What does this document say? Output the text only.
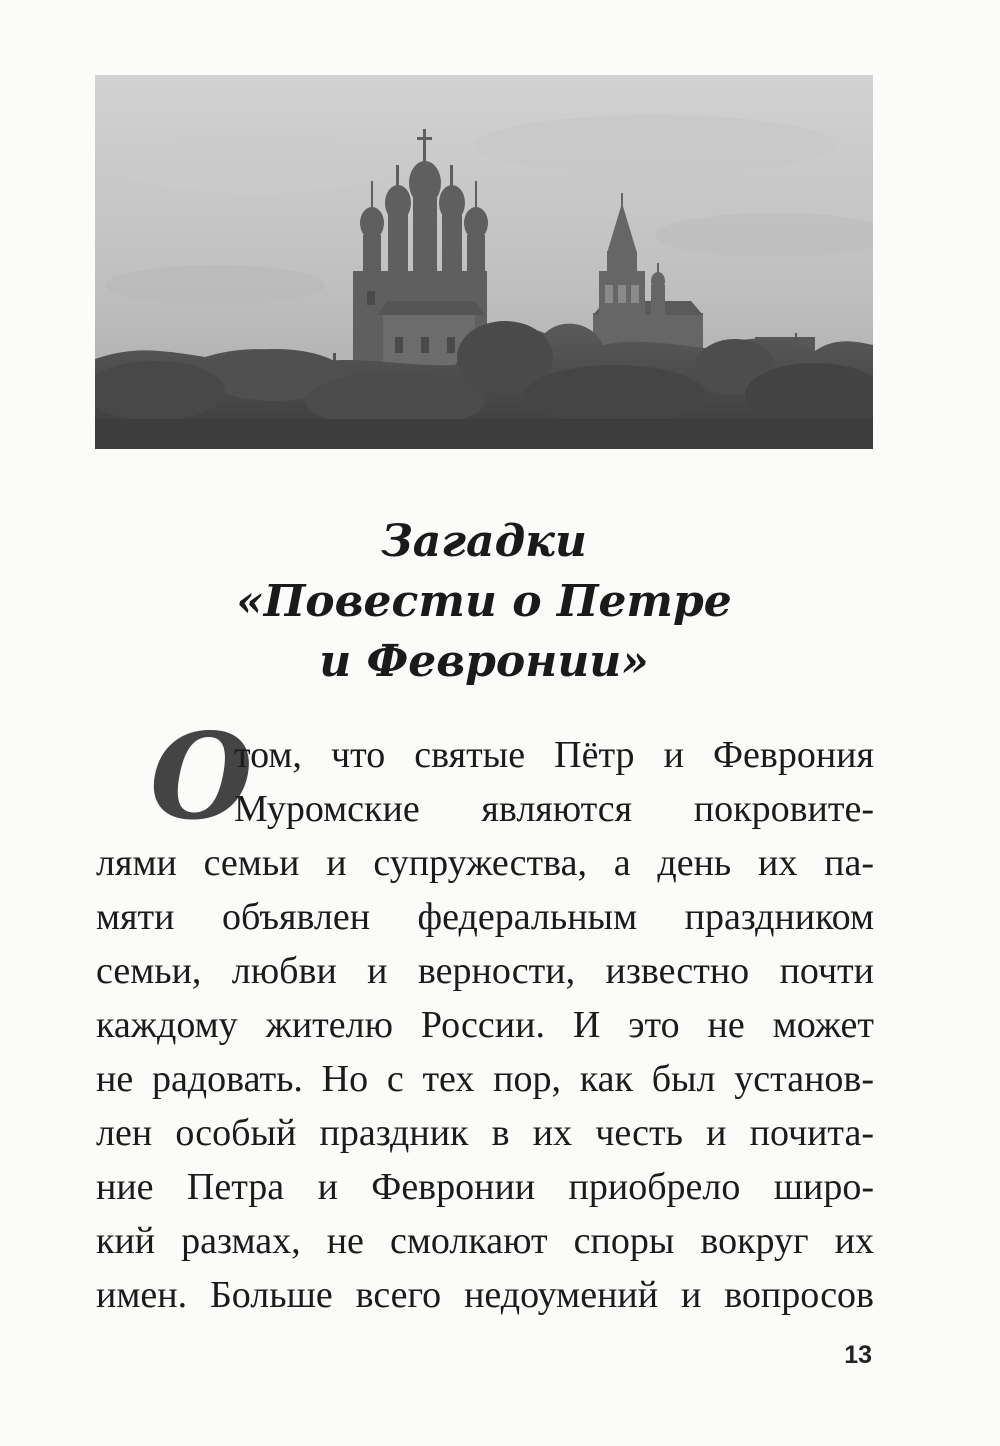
Загадки
«Повести о Петре
и Февронии»
О
том, что святые Пётр и Феврония
Муромские являются покровите-
лями семьи и супружества, а день их па-
мяти объявлен федеральным праздником
семьи, любви и верности, известно почти
каждому жителю России. И это не может
не радовать. Но с тех пор, как был установ-
лен особый праздник в их честь и почита-
ние Петра и Февронии приобрело широ-
кий размах, не смолкают споры вокруг их
имен. Больше всего недоумений и вопросов
13
